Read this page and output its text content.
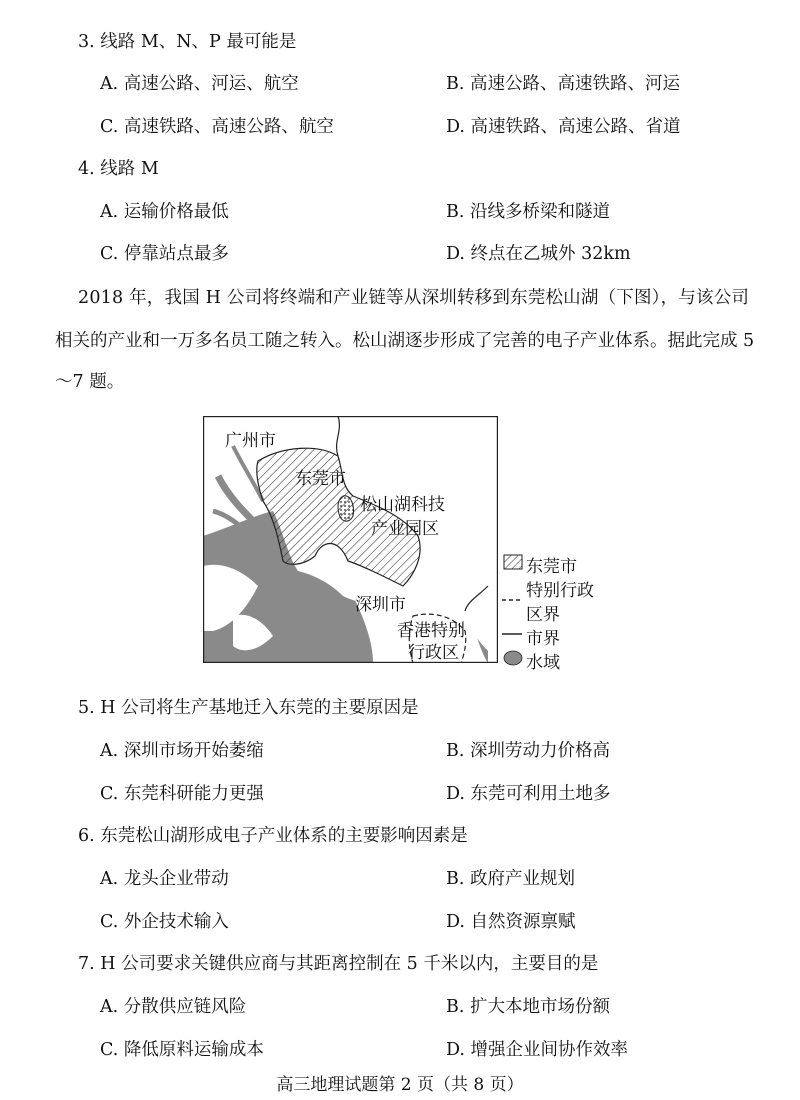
3. 线路 M、N、P 最可能是
A. 高速公路、河运、航空	B. 高速公路、高速铁路、河运
C. 高速铁路、高速公路、航空	D. 高速铁路、高速公路、省道
4. 线路 M
A. 运输价格最低	B. 沿线多桥梁和隧道
C. 停靠站点最多	D. 终点在乙城外 32km
2018 年，我国 H 公司将终端和产业链等从深圳转移到东莞松山湖（下图），与该公司
相关的产业和一万多名员工随之转入。松山湖逐步形成了完善的电子产业体系。据此完成 5
～7 题。
广州市
东莞市
松山湖科技
产业园区
深圳市
香港特别
行政区
东莞市
特别行政
区界
市界
水域
5. H 公司将生产基地迁入东莞的主要原因是
A. 深圳市场开始萎缩	B. 深圳劳动力价格高
C. 东莞科研能力更强	D. 东莞可利用土地多
6. 东莞松山湖形成电子产业体系的主要影响因素是
A. 龙头企业带动	B. 政府产业规划
C. 外企技术输入	D. 自然资源禀赋
7. H 公司要求关键供应商与其距离控制在 5 千米以内，主要目的是
A. 分散供应链风险	B. 扩大本地市场份额
C. 降低原料运输成本	D. 增强企业间协作效率
高三地理试题第 2 页（共 8 页）
